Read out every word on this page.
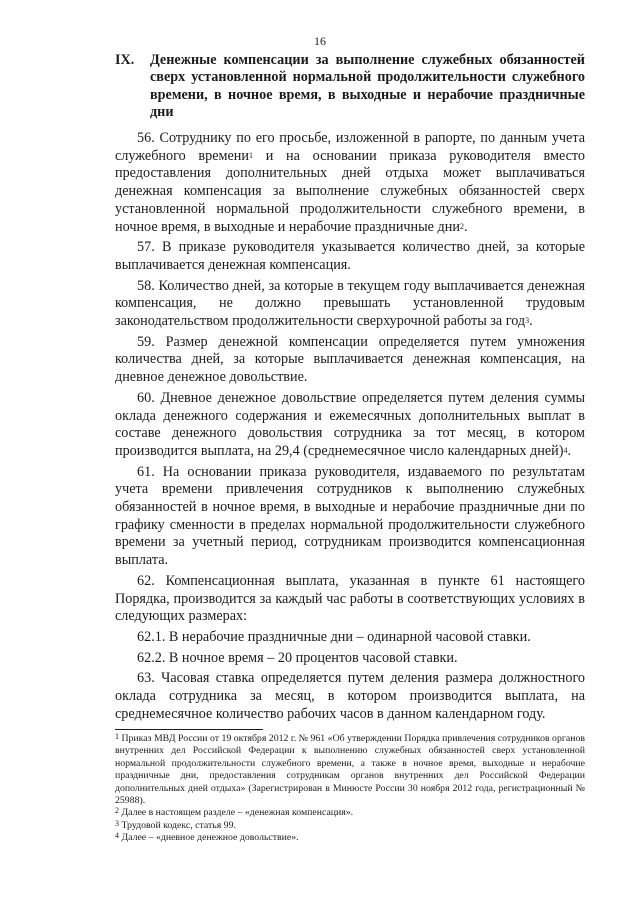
16
IX. Денежные компенсации за выполнение служебных обязанностей сверх установленной нормальной продолжительности служебного времени, в ночное время, в выходные и нерабочие праздничные дни

56. Сотруднику по его просьбе, изложенной в рапорте, по данным учета служебного времени$^1$ и на основании приказа руководителя вместо предоставления дополнительных дней отдыха может выплачиваться денежная компенсация за выполнение служебных обязанностей сверх установленной нормальной продолжительности служебного времени, в ночное время, в выходные и нерабочие праздничные дни$^2$.

57. В приказе руководителя указывается количество дней, за которые выплачивается денежная компенсация.

58. Количество дней, за которые в текущем году выплачивается денежная компенсация, не должно превышать установленной трудовым законодательством продолжительности сверхурочной работы за год$^3$.

59. Размер денежной компенсации определяется путем умножения количества дней, за которые выплачивается денежная компенсация, на дневное денежное довольствие.

60. Дневное денежное довольствие определяется путем деления суммы оклада денежного содержания и ежемесячных дополнительных выплат в составе денежного довольствия сотрудника за тот месяц, в котором производится выплата, на 29,4 (среднемесячное число календарных дней)$^4$.

61. На основании приказа руководителя, издаваемого по результатам учета времени привлечения сотрудников к выполнению служебных обязанностей в ночное время, в выходные и нерабочие праздничные дни по графику сменности в пределах нормальной продолжительности служебного времени за учетный период, сотрудникам производится компенсационная выплата.

62. Компенсационная выплата, указанная в пункте 61 настоящего Порядка, производится за каждый час работы в соответствующих условиях в следующих размерах:

62.1. В нерабочие праздничные дни – одинарной часовой ставки.

62.2. В ночное время – 20 процентов часовой ставки.

63. Часовая ставка определяется путем деления размера должностного оклада сотрудника за месяц, в котором производится выплата, на среднемесячное количество рабочих часов в данном календарном году.

$^1$ Приказ МВД России от 19 октября 2012 г. № 961 «Об утверждении Порядка привлечения сотрудников органов внутренних дел Российской Федерации к выполнению служебных обязанностей сверх установленной нормальной продолжительности служебного времени, а также в ночное время, выходные и нерабочие праздничные дни, предоставления сотрудникам органов внутренних дел Российской Федерации дополнительных дней отдыха» (Зарегистрирован в Минюсте России 30 ноября 2012 года, регистрационный № 25988).

$^2$ Далее в настоящем разделе – «денежная компенсация».

$^3$ Трудовой кодекс, статья 99.

$^4$ Далее – «дневное денежное довольствие».
